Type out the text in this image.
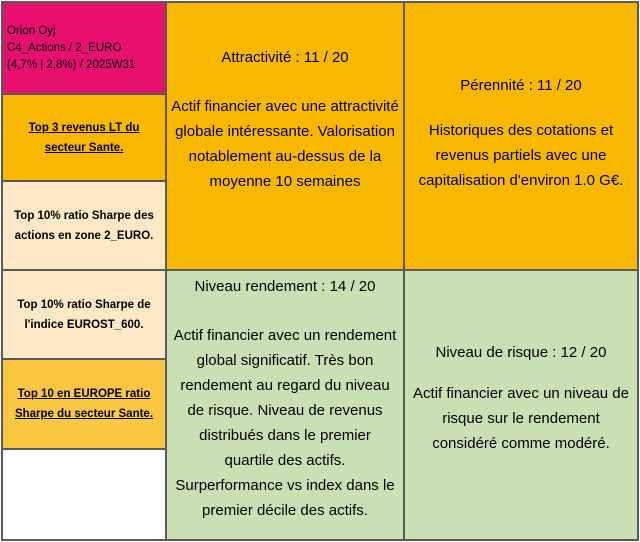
Orion Oyj
C4_Actions / 2_EURO
(4,7% | 2,8%) / 2025W31
Top 3 revenus LT du
secteur Sante.
Top 10% ratio Sharpe des
actions en zone 2_EURO.
Top 10% ratio Sharpe de
l'indice EUROST_600.
Top 10 en EUROPE ratio
Sharpe du secteur Sante.
Attractivité : 11 / 20
Actif financier avec une attractivité globale intéressante. Valorisation notablement au-dessus de la moyenne 10 semaines
Pérennité : 11 / 20
Historiques des cotations et revenus partiels avec une capitalisation d'environ 1.0 G€.
Niveau rendement : 14 / 20
Actif financier avec un rendement global significatif. Très bon rendement au regard du niveau de risque. Niveau de revenus distribués dans le premier quartile des actifs. Surperformance vs index dans le premier décile des actifs.
Niveau de risque : 12 / 20
Actif financier avec un niveau de risque sur le rendement considéré comme modéré.
